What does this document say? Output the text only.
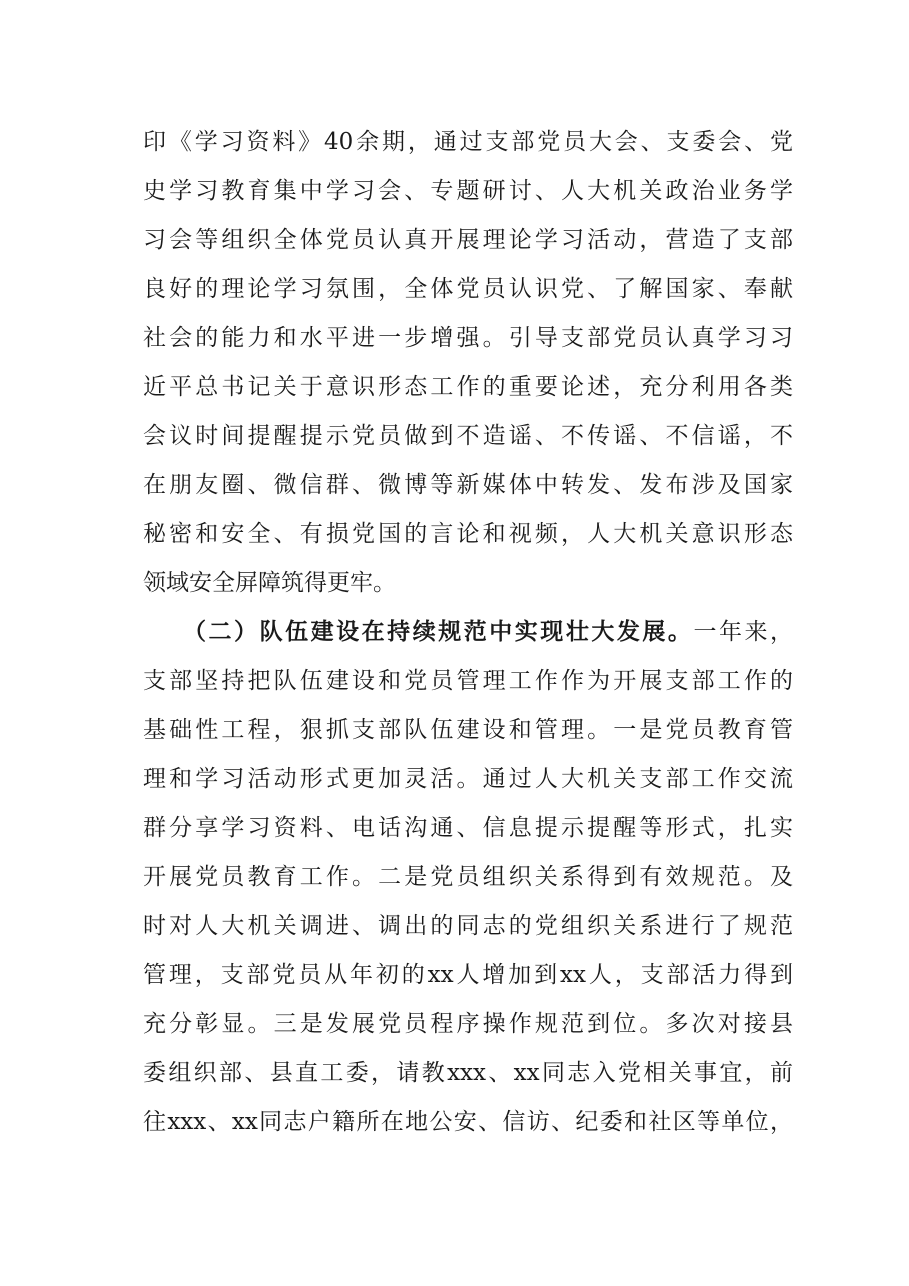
印《学习资料》40余期，通过支部党员大会、支委会、党
史学习教育集中学习会、专题研讨、人大机关政治业务学
习会等组织全体党员认真开展理论学习活动，营造了支部
良好的理论学习氛围，全体党员认识党、了解国家、奉献
社会的能力和水平进一步增强。引导支部党员认真学习习
近平总书记关于意识形态工作的重要论述，充分利用各类
会议时间提醒提示党员做到不造谣、不传谣、不信谣，不
在朋友圈、微信群、微博等新媒体中转发、发布涉及国家
秘密和安全、有损党国的言论和视频，人大机关意识形态
领域安全屏障筑得更牢。
（二）队伍建设在持续规范中实现壮大发展。一年来，
支部坚持把队伍建设和党员管理工作作为开展支部工作的
基础性工程，狠抓支部队伍建设和管理。一是党员教育管
理和学习活动形式更加灵活。通过人大机关支部工作交流
群分享学习资料、电话沟通、信息提示提醒等形式，扎实
开展党员教育工作。二是党员组织关系得到有效规范。及
时对人大机关调进、调出的同志的党组织关系进行了规范
管理，支部党员从年初的xx人增加到xx人，支部活力得到
充分彰显。三是发展党员程序操作规范到位。多次对接县
委组织部、县直工委，请教xxx、xx同志入党相关事宜，前
往xxx、xx同志户籍所在地公安、信访、纪委和社区等单位，
